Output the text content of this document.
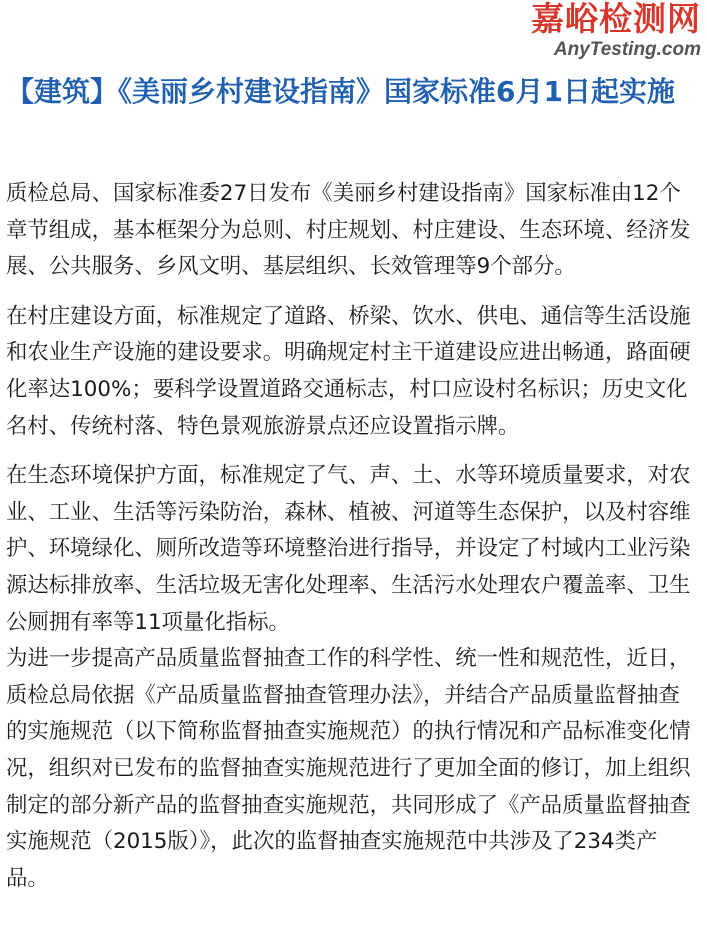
嘉峪检测网
AnyTesting.com
【建筑】《美丽乡村建设指南》国家标准6月1日起实施

质检总局、国家标准委27日发布《美丽乡村建设指南》国家标准由12个章节组成，基本框架分为总则、村庄规划、村庄建设、生态环境、经济发展、公共服务、乡风文明、基层组织、长效管理等9个部分。

在村庄建设方面，标准规定了道路、桥梁、饮水、供电、通信等生活设施和农业生产设施的建设要求。明确规定村主干道建设应进出畅通，路面硬化率达100%；要科学设置道路交通标志，村口应设村名标识；历史文化名村、传统村落、特色景观旅游景点还应设置指示牌。

在生态环境保护方面，标准规定了气、声、土、水等环境质量要求，对农业、工业、生活等污染防治，森林、植被、河道等生态保护，以及村容维护、环境绿化、厕所改造等环境整治进行指导，并设定了村域内工业污染源达标排放率、生活垃圾无害化处理率、生活污水处理农户覆盖率、卫生公厕拥有率等11项量化指标。

为进一步提高产品质量监督抽查工作的科学性、统一性和规范性，近日，质检总局依据《产品质量监督抽查管理办法》，并结合产品质量监督抽查的实施规范（以下简称监督抽查实施规范）的执行情况和产品标准变化情况，组织对已发布的监督抽查实施规范进行了更加全面的修订，加上组织制定的部分新产品的监督抽查实施规范，共同形成了《产品质量监督抽查实施规范（2015版）》，此次的监督抽查实施规范中共涉及了234类产品。
